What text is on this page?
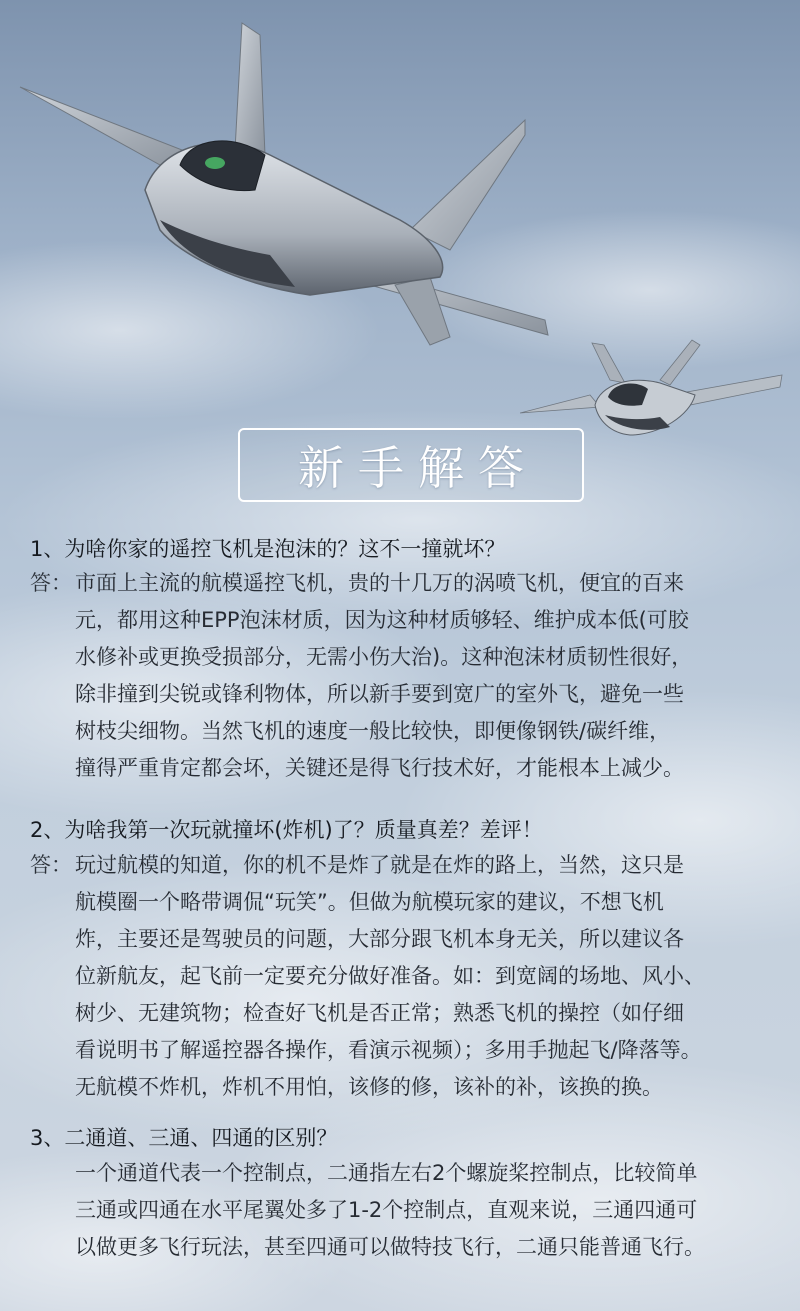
新手解答
1、为啥你家的遥控飞机是泡沫的？这不一撞就坏？
答： 市面上主流的航模遥控飞机，贵的十几万的涡喷飞机，便宜的百来
元，都用这种EPP泡沫材质，因为这种材质够轻、维护成本低(可胶
水修补或更换受损部分，无需小伤大治)。这种泡沫材质韧性很好，
除非撞到尖锐或锋利物体，所以新手要到宽广的室外飞，避免一些
树枝尖细物。当然飞机的速度一般比较快，即便像钢铁/碳纤维，
撞得严重肯定都会坏，关键还是得飞行技术好，才能根本上减少。
2、为啥我第一次玩就撞坏(炸机)了？质量真差？差评！
答： 玩过航模的知道，你的机不是炸了就是在炸的路上，当然，这只是
航模圈一个略带调侃“玩笑”。但做为航模玩家的建议，不想飞机
炸，主要还是驾驶员的问题，大部分跟飞机本身无关，所以建议各
位新航友，起飞前一定要充分做好准备。如：到宽阔的场地、风小、
树少、无建筑物；检查好飞机是否正常；熟悉飞机的操控（如仔细
看说明书了解遥控器各操作，看演示视频）；多用手抛起飞/降落等。
无航模不炸机，炸机不用怕，该修的修，该补的补，该换的换。
3、二通道、三通、四通的区别？
一个通道代表一个控制点，二通指左右2个螺旋桨控制点，比较简单
三通或四通在水平尾翼处多了1-2个控制点，直观来说，三通四通可
以做更多飞行玩法，甚至四通可以做特技飞行，二通只能普通飞行。
